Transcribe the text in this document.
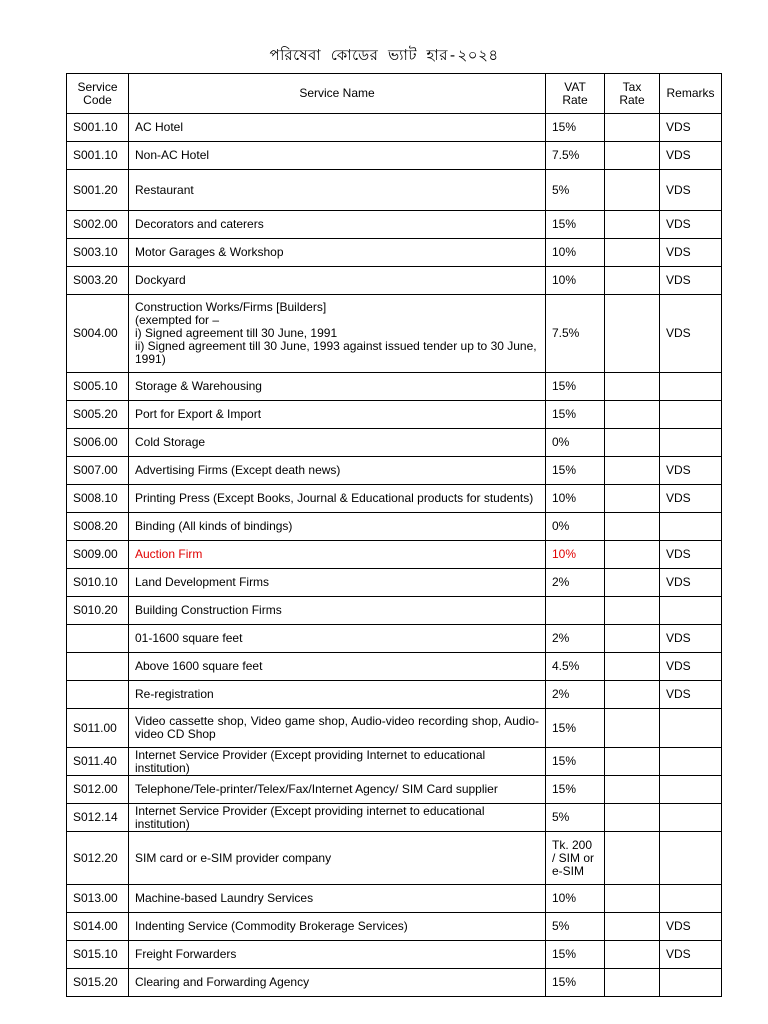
পরিষেবা কোডের ভ্যাট হার-২০২৪
Service Code	Service Name	VAT Rate	Tax Rate	Remarks
S001.10	AC Hotel	15%		VDS
S001.10	Non-AC Hotel	7.5%		VDS
S001.20	Restaurant	5%		VDS
S002.00	Decorators and caterers	15%		VDS
S003.10	Motor Garages & Workshop	10%		VDS
S003.20	Dockyard	10%		VDS
S004.00	Construction Works/Firms [Builders]
(exempted for –
i) Signed agreement till 30 June, 1991
ii) Signed agreement till 30 June, 1993 against issued tender up to 30 June, 1991)	7.5%		VDS
S005.10	Storage & Warehousing	15%		
S005.20	Port for Export & Import	15%		
S006.00	Cold Storage	0%		
S007.00	Advertising Firms (Except death news)	15%		VDS
S008.10	Printing Press (Except Books, Journal & Educational products for students)	10%		VDS
S008.20	Binding (All kinds of bindings)	0%		
S009.00	Auction Firm	10%		VDS
S010.10	Land Development Firms	2%		VDS
S010.20	Building Construction Firms			
	01-1600 square feet	2%		VDS
	Above 1600 square feet	4.5%		VDS
	Re-registration	2%		VDS
S011.00	Video cassette shop, Video game shop, Audio-video recording shop, Audio-video CD Shop	15%		
S011.40	Internet Service Provider (Except providing Internet to educational institution)	15%		
S012.00	Telephone/Tele-printer/Telex/Fax/Internet Agency/ SIM Card supplier	15%		
S012.14	Internet Service Provider (Except providing internet to educational institution)	5%		
S012.20	SIM card or e-SIM provider company	Tk. 200 / SIM or e-SIM		
S013.00	Machine-based Laundry Services	10%		
S014.00	Indenting Service (Commodity Brokerage Services)	5%		VDS
S015.10	Freight Forwarders	15%		VDS
S015.20	Clearing and Forwarding Agency	15%		
